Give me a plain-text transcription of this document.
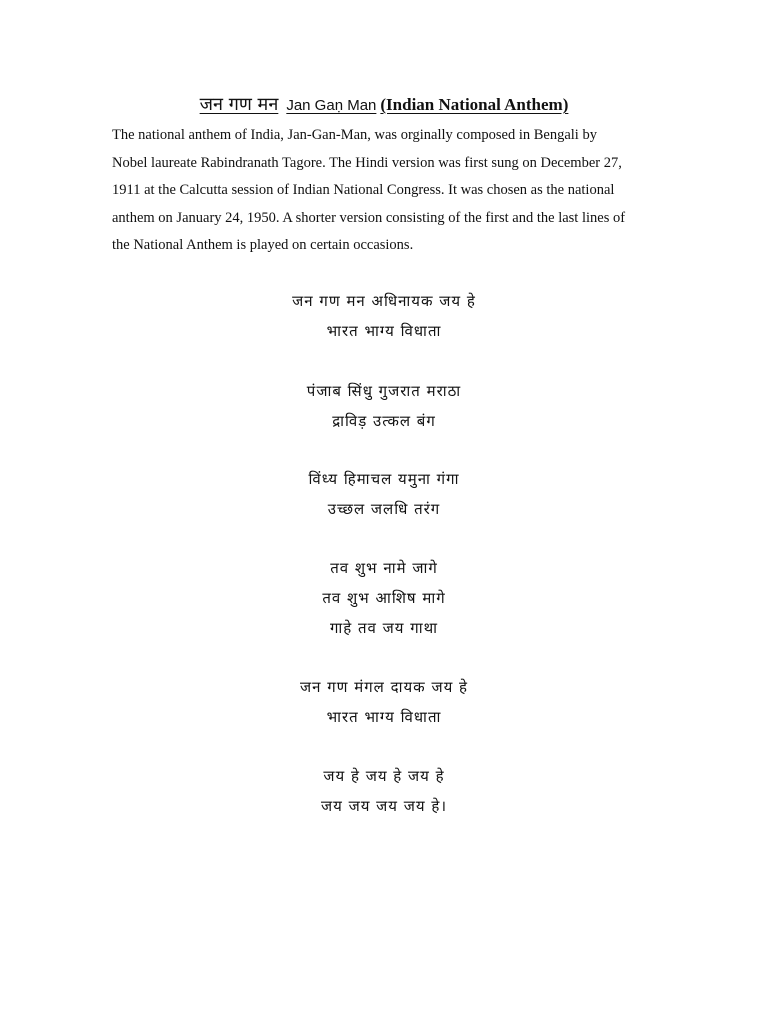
जन गण मन Jan Gaṇ Man (Indian National Anthem)
The national anthem of India, Jan-Gan-Man, was orginally composed in Bengali by
Nobel laureate Rabindranath Tagore. The Hindi version was first sung on December 27,
1911 at the Calcutta session of Indian National Congress. It was chosen as the national
anthem on January 24, 1950. A shorter version consisting of the first and the last lines of
the National Anthem is played on certain occasions.
जन गण मन अधिनायक जय हे
भारत भाग्य विधाता
पंजाब सिंधु गुजरात मराठा
द्राविड़ उत्कल बंग
विंध्य हिमाचल यमुना गंगा
उच्छल जलधि तरंग
तव शुभ नामे जागे
तव शुभ आशिष मागे
गाहे तव जय गाथा
जन गण मंगल दायक जय हे
भारत भाग्य विधाता
जय हे जय हे जय हे
जय जय जय जय हे।
